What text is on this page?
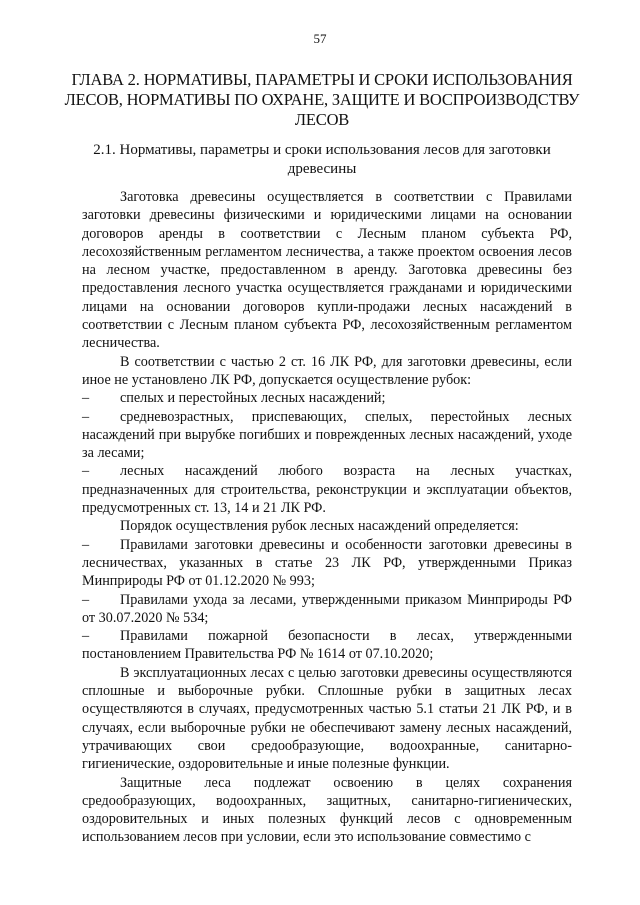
57
ГЛАВА 2. НОРМАТИВЫ, ПАРАМЕТРЫ И СРОКИ ИСПОЛЬЗОВАНИЯ ЛЕСОВ, НОРМАТИВЫ ПО ОХРАНЕ, ЗАЩИТЕ И ВОСПРОИЗВОДСТВУ ЛЕСОВ
2.1. Нормативы, параметры и сроки использования лесов для заготовки древесины

Заготовка древесины осуществляется в соответствии с Правилами заготовки древесины физическими и юридическими лицами на основании договоров аренды в соответствии с Лесным планом субъекта РФ, лесохозяйственным регламентом лесничества, а также проектом освоения лесов на лесном участке, предоставленном в аренду. Заготовка древесины без предоставления лесного участка осуществляется гражданами и юридическими лицами на основании договоров купли-продажи лесных насаждений в соответствии с Лесным планом субъекта РФ, лесохозяйственным регламентом лесничества.

В соответствии с частью 2 ст. 16 ЛК РФ, для заготовки древесины, если иное не установлено ЛК РФ, допускается осуществление рубок:

– спелых и перестойных лесных насаждений;

– средневозрастных, приспевающих, спелых, перестойных лесных насаждений при вырубке погибших и поврежденных лесных насаждений, уходе за лесами;

– лесных насаждений любого возраста на лесных участках, предназначенных для строительства, реконструкции и эксплуатации объектов, предусмотренных ст. 13, 14 и 21 ЛК РФ.

Порядок осуществления рубок лесных насаждений определяется:

– Правилами заготовки древесины и особенности заготовки древесины в лесничествах, указанных в статье 23 ЛК РФ, утвержденными Приказ Минприроды РФ от 01.12.2020 № 993;

– Правилами ухода за лесами, утвержденными приказом Минприроды РФ от 30.07.2020 № 534;

– Правилами пожарной безопасности в лесах, утвержденными постановлением Правительства РФ № 1614 от 07.10.2020;

В эксплуатационных лесах с целью заготовки древесины осуществляются сплошные и выборочные рубки. Сплошные рубки в защитных лесах осуществляются в случаях, предусмотренных частью 5.1 статьи 21 ЛК РФ, и в случаях, если выборочные рубки не обеспечивают замену лесных насаждений, утрачивающих свои средообразующие, водоохранные, санитарно-гигиенические, оздоровительные и иные полезные функции.

Защитные леса подлежат освоению в целях сохранения средообразующих, водоохранных, защитных, санитарно-гигиенических, оздоровительных и иных полезных функций лесов с одновременным использованием лесов при условии, если это использование совместимо с
